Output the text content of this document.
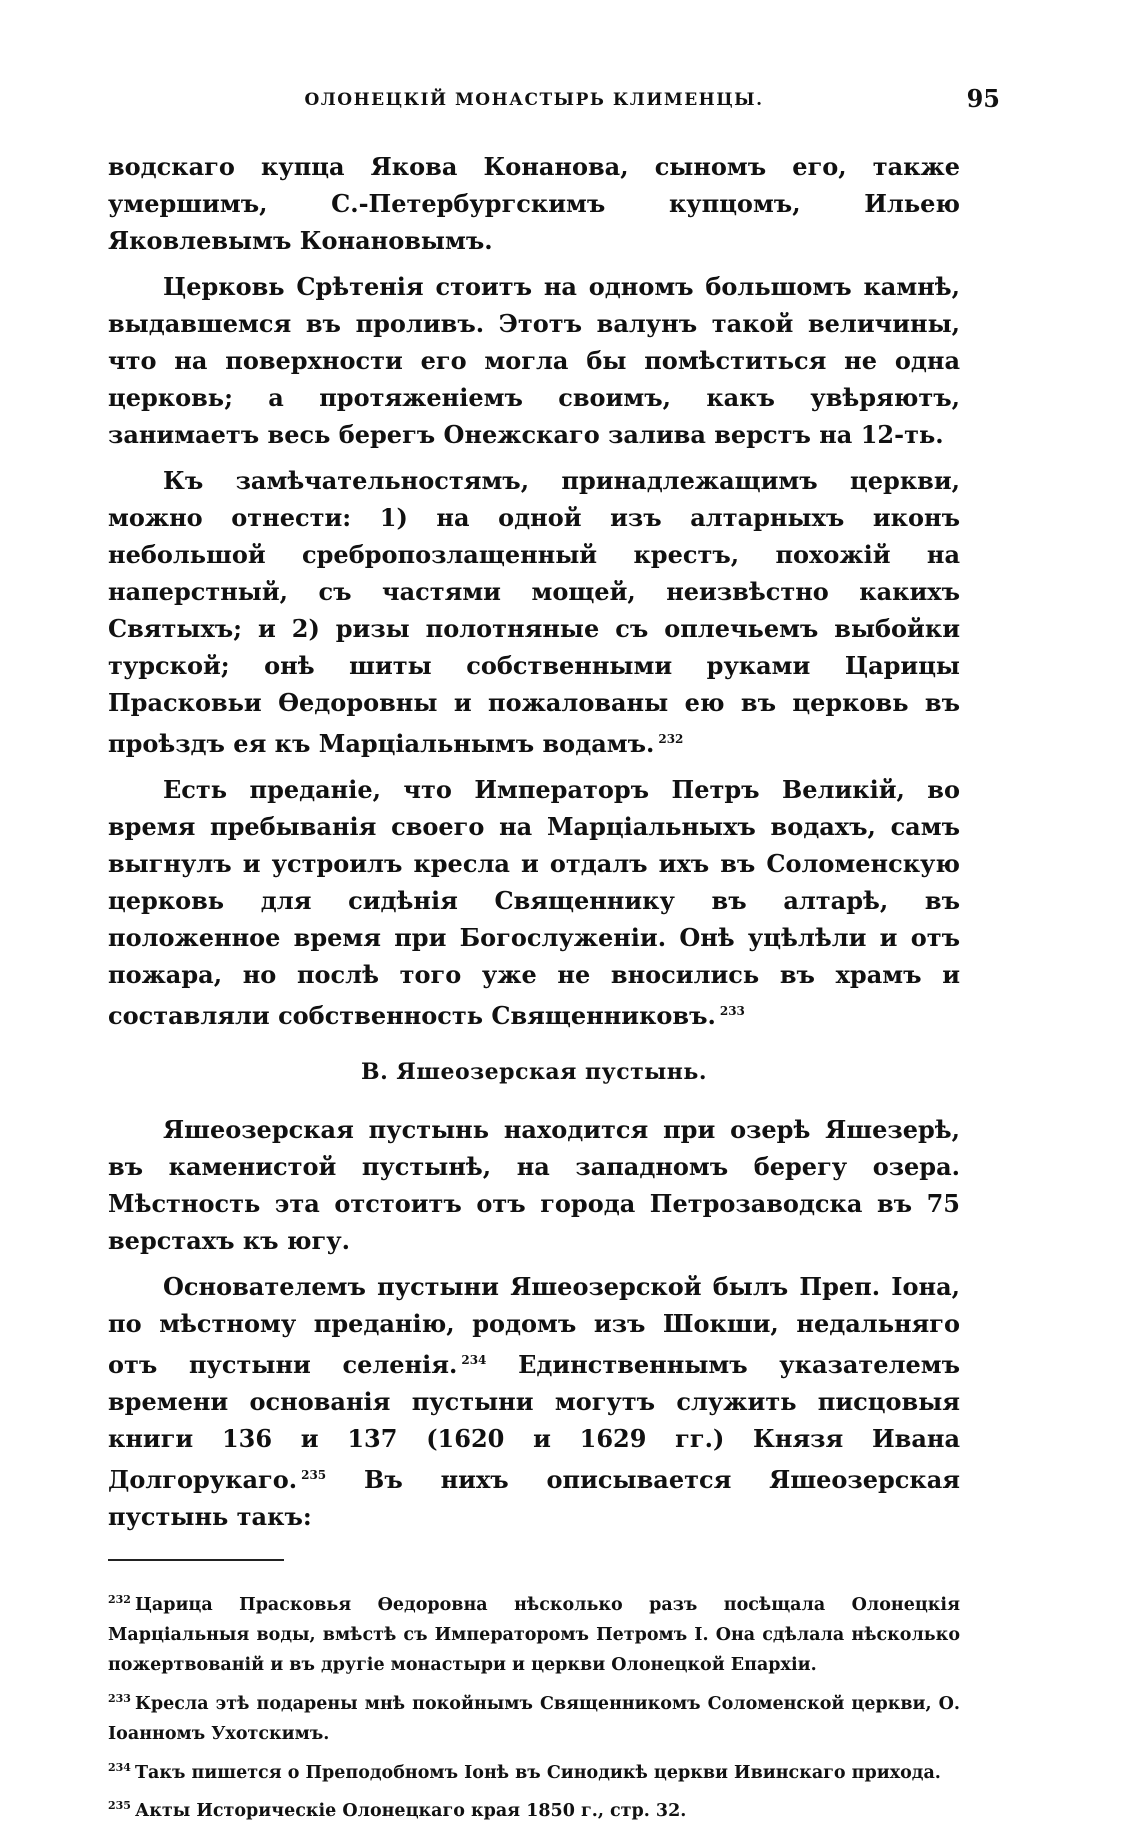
ОЛОНЕЦКІЙ МОНАСТЫРЬ КЛИМЕНЦЫ.	95

водскаго купца Якова Конанова, сыномъ его, также умершимъ, С.-Петербургскимъ купцомъ, Ильею Яковлевымъ Конановымъ.

Церковь Срѣтенія стоитъ на одномъ большомъ камнѣ, выдавшемся въ проливъ. Этотъ валунъ такой величины, что на поверхности его могла бы помѣститься не одна церковь; а протяженіемъ своимъ, какъ увѣряютъ, занимаетъ весь берегъ Онежскаго залива верстъ на 12-ть.

Къ замѣчательностямъ, принадлежащимъ церкви, можно отнести: 1) на одной изъ алтарныхъ иконъ небольшой сребропозлащенный крестъ, похожій на наперстный, съ частями мощей, неизвѣстно какихъ Святыхъ; и 2) ризы полотняные съ оплечьемъ выбойки турской; онѣ шиты собственными руками Царицы Прасковьи Ѳедоровны и пожалованы ею въ церковь въ проѣздъ ея къ Марціальнымъ водамъ. $^{232}$

Есть преданіе, что Императоръ Петръ Великій, во время пребыванія своего на Марціальныхъ водахъ, самъ выгнулъ и устроилъ кресла и отдалъ ихъ въ Соломенскую церковь для сидѣнія Священнику въ алтарѣ, въ положенное время при Богослуженіи. Онѣ уцѣлѣли и отъ пожара, но послѣ того уже не вносились въ храмъ и составляли собственность Священниковъ. $^{233}$

В. Яшеозерская пустынь.

Яшеозерская пустынь находится при озерѣ Яшезерѣ, въ каменистой пустынѣ, на западномъ берегу озера. Мѣстность эта отстоитъ отъ города Петрозаводска въ 75 верстахъ къ югу.

Основателемъ пустыни Яшеозерской былъ Преп. Іона, по мѣстному преданію, родомъ изъ Шокши, недальняго отъ пустыни селенія. $^{234}$ Единственнымъ указателемъ времени основанія пустыни могутъ служить писцовыя книги 136 и 137 (1620 и 1629 гг.) Князя Ивана Долгорукаго. $^{235}$ Въ нихъ описывается Яшеозерская пустынь такъ:

$^{232}$ Царица Прасковья Ѳедоровна нѣсколько разъ посѣщала Олонецкія Марціальныя воды, вмѣстѣ съ Императоромъ Петромъ I. Она сдѣлала нѣсколько пожертвованій и въ другіе монастыри и церкви Олонецкой Епархіи.

$^{233}$ Кресла этѣ подарены мнѣ покойнымъ Священникомъ Соломенской церкви, О. Іоанномъ Ухотскимъ.

$^{234}$ Такъ пишется о Преподобномъ Іонѣ въ Синодикѣ церкви Ивинскаго прихода.

$^{235}$ Акты Историческіе Олонецкаго края 1850 г., стр. 32.
